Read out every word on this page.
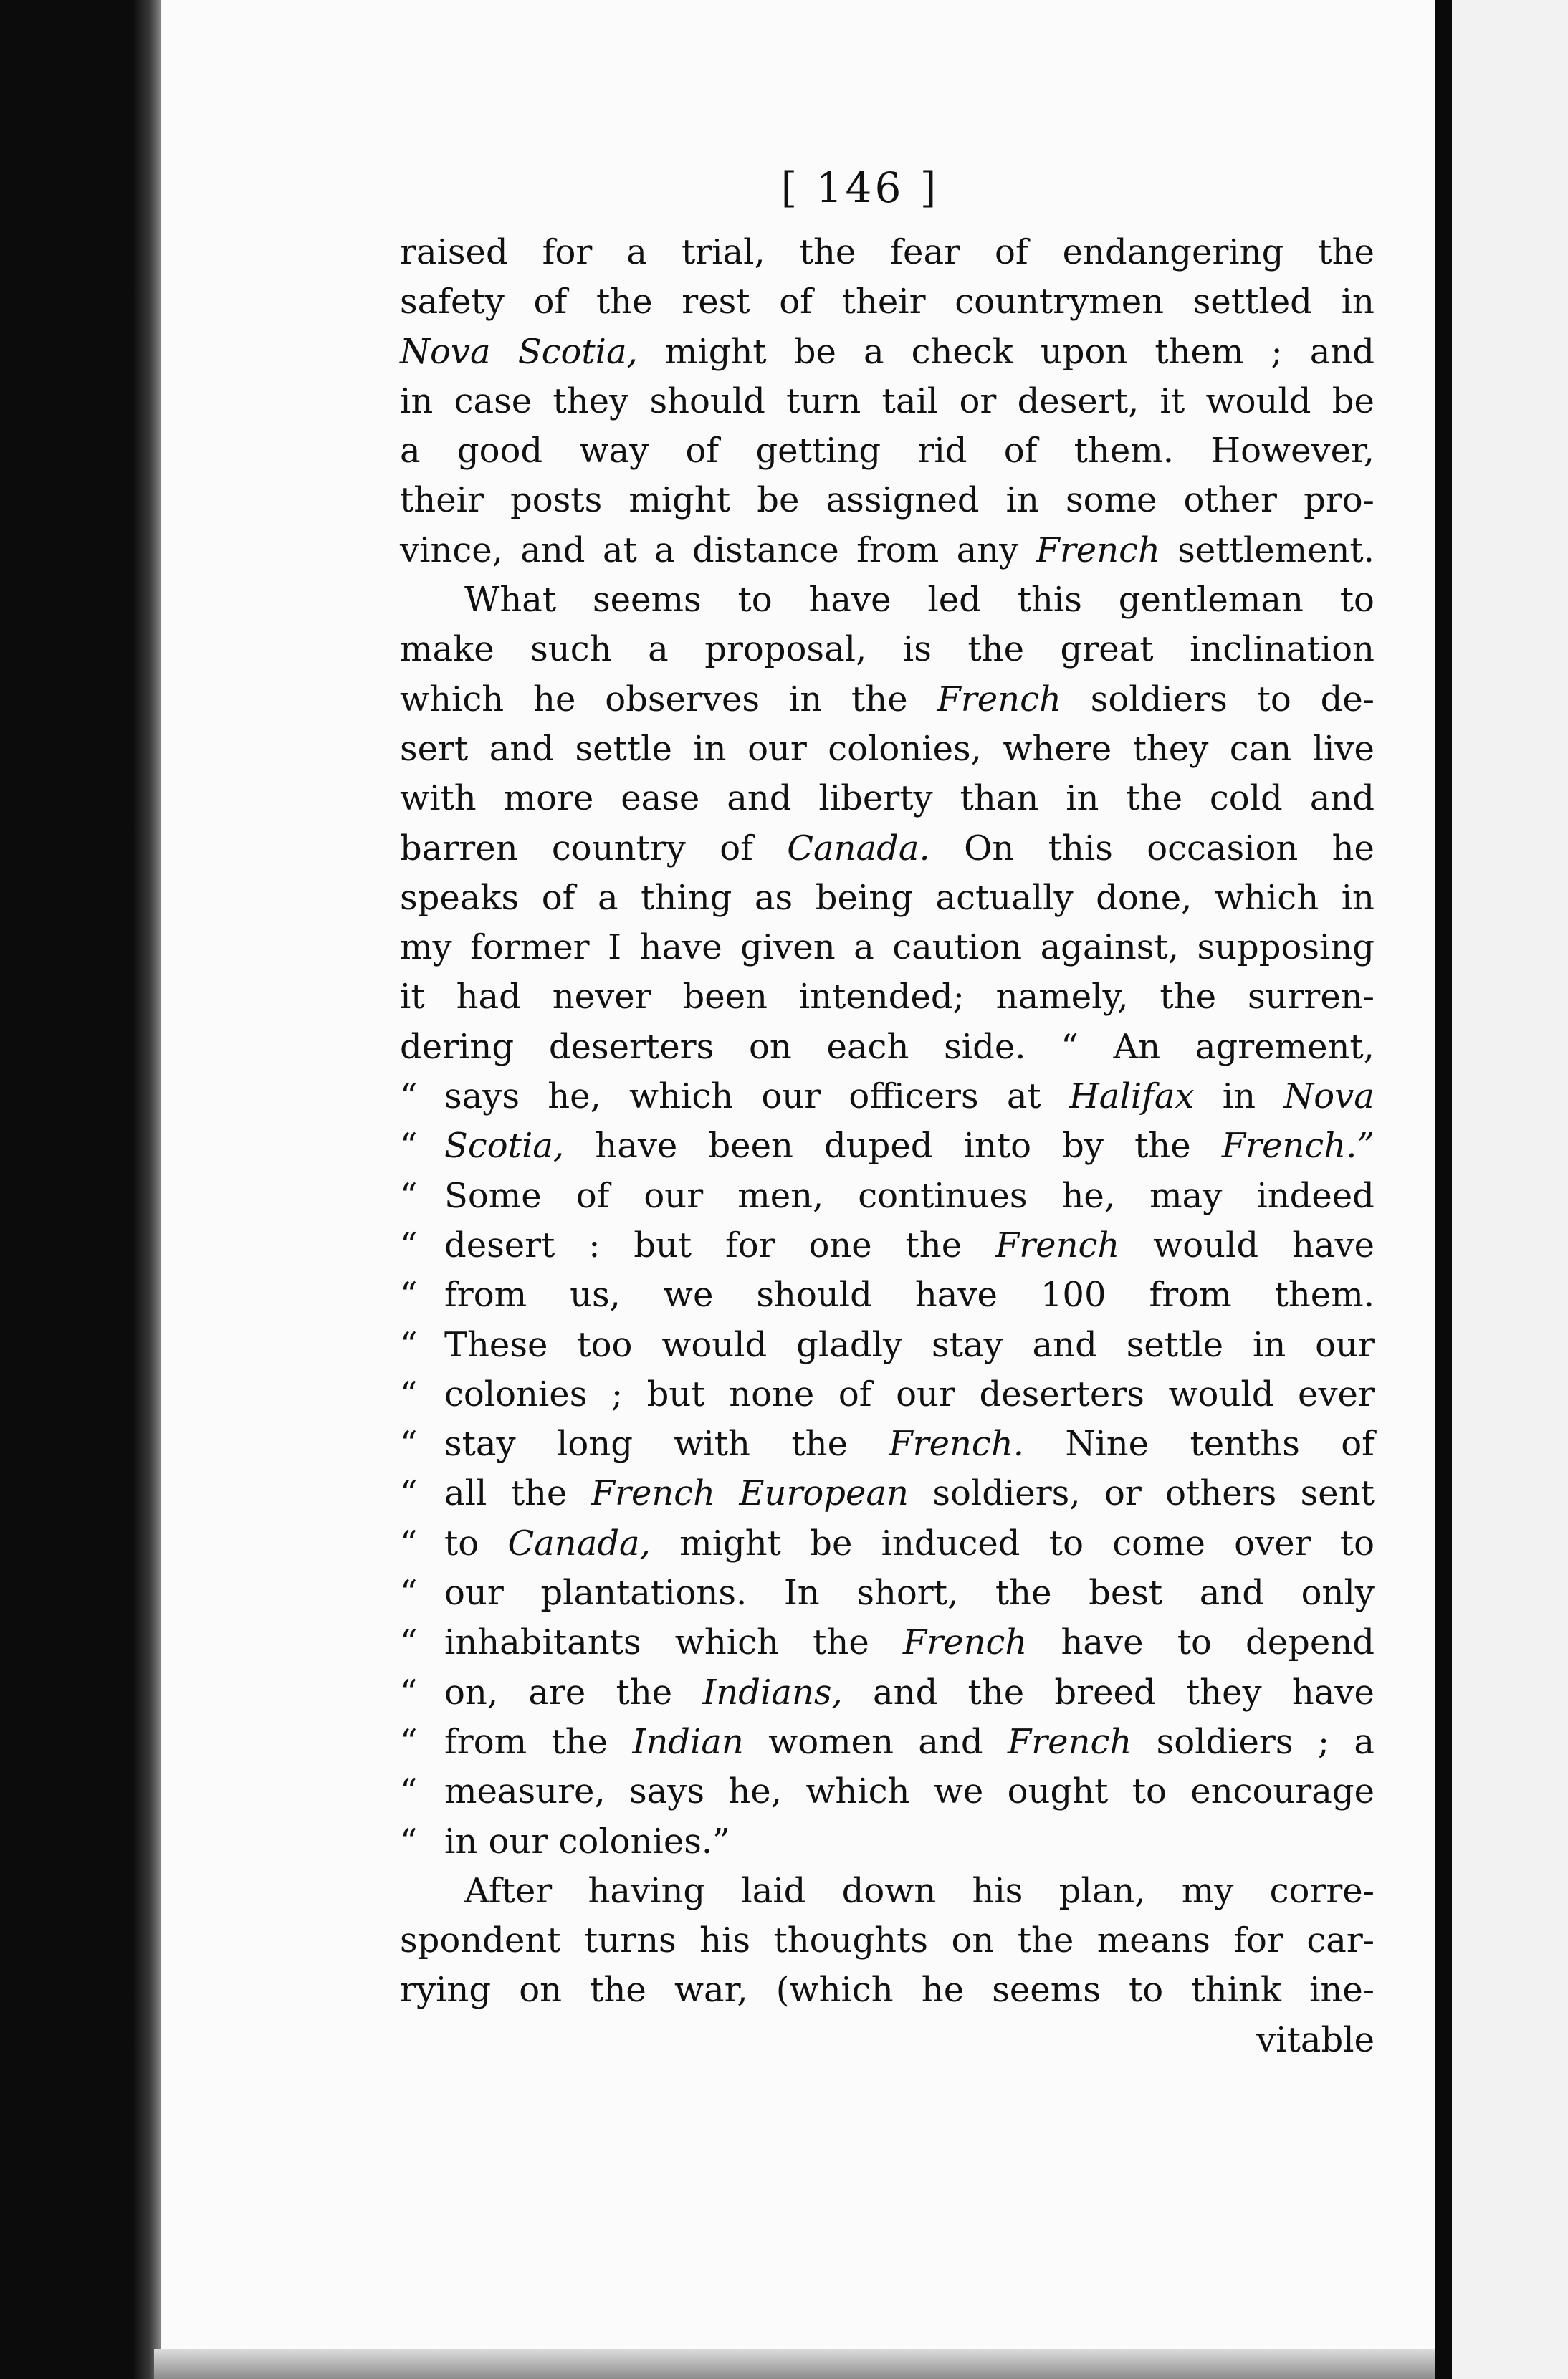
[ 146 ]
raised for a trial, the fear of endangering the
safety of the rest of their countrymen settled in
Nova Scotia, might be a check upon them ; and
in case they should turn tail or desert, it would be
a good way of getting rid of them. However,
their posts might be assigned in some other pro-
vince, and at a distance from any French settlement.
What seems to have led this gentleman to
make such a proposal, is the great inclination
which he observes in the French soldiers to de-
sert and settle in our colonies, where they can live
with more ease and liberty than in the cold and
barren country of Canada. On this occasion he
speaks of a thing as being actually done, which in
my former I have given a caution against, supposing
it had never been intended; namely, the surren-
dering deserters on each side. “ An agrement,
“ says he, which our officers at Halifax in Nova
“ Scotia, have been duped into by the French.”
“ Some of our men, continues he, may indeed
“ desert : but for one the French would have
“ from us, we should have 100 from them.
“ These too would gladly stay and settle in our
“ colonies ; but none of our deserters would ever
“ stay long with the French. Nine tenths of
“ all the French European soldiers, or others sent
“ to Canada, might be induced to come over to
“ our plantations. In short, the best and only
“ inhabitants which the French have to depend
“ on, are the Indians, and the breed they have
“ from the Indian women and French soldiers ; a
“ measure, says he, which we ought to encourage
“ in our colonies.”
After having laid down his plan, my corre-
spondent turns his thoughts on the means for car-
rying on the war, (which he seems to think ine-
vitable
